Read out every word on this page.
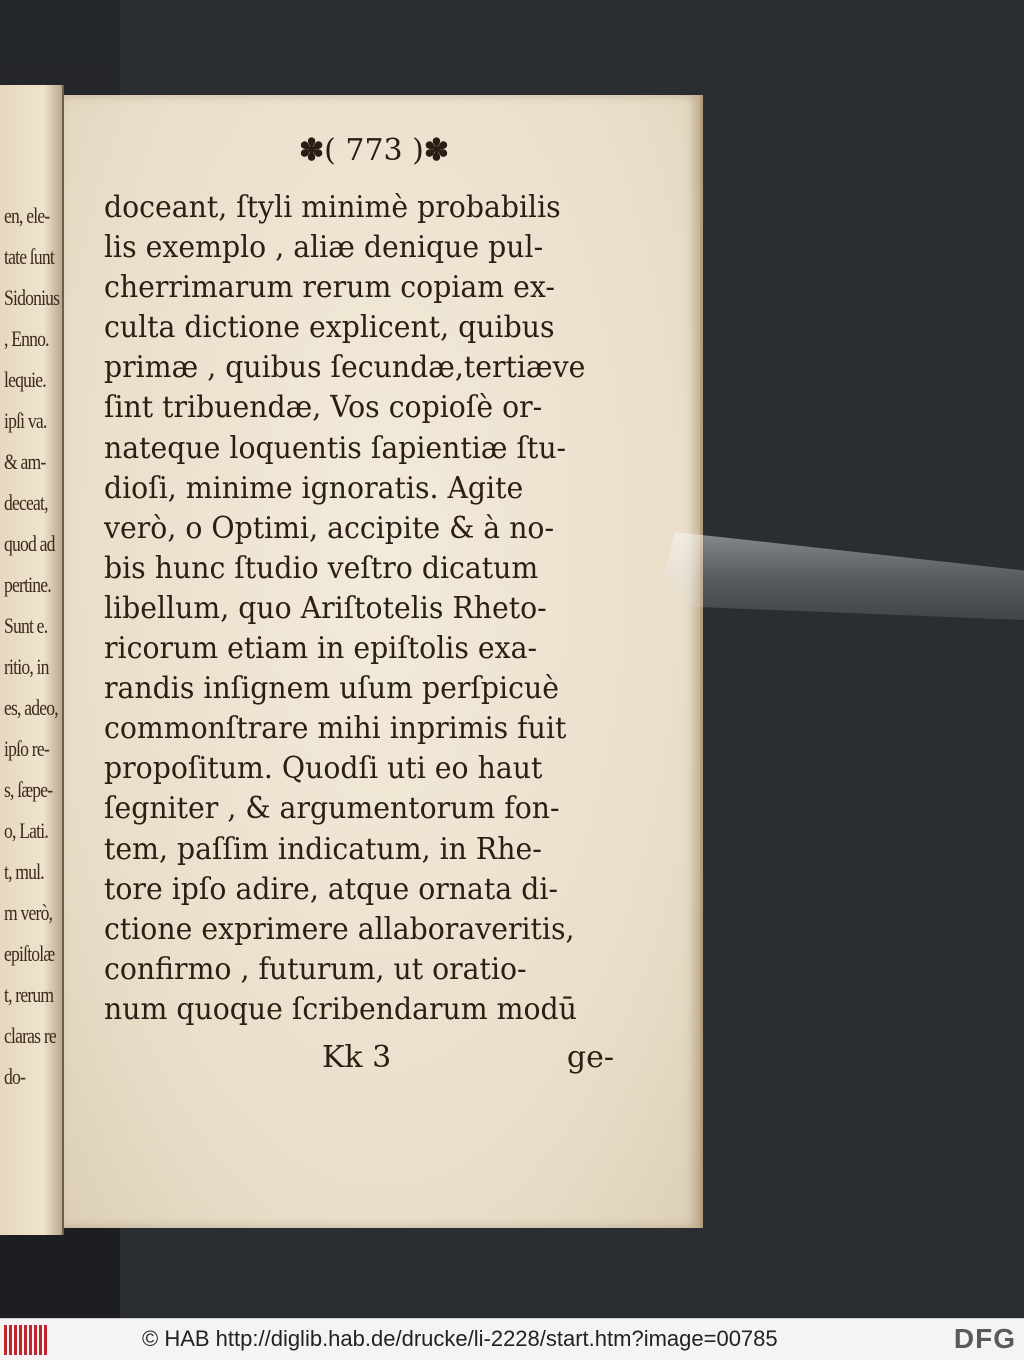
en, ele-
tate ſunt
Sidonius
, Enno.
lequie.
ipſi va.
& am-
deceat,
quod ad
pertine.
Sunt e.
ritio, in
es, adeo,
ipſo re-
s, ſæpe-
o, Lati.
t, mul.
m verò,
epiſtolæ
t, rerum
claras re
do-
✽( 773 )✽
doceant, ſtyli minimè probabilis
lis exemplo , aliæ denique pul-
cherrimarum rerum copiam ex-
culta dictione explicent, quibus
primæ , quibus ſecundæ,tertiæve
ſint tribuendæ, Vos copioſè or-
nateque loquentis ſapientiæ ſtu-
dioſi, minime ignoratis. Agite
verò, o Optimi, accipite & à no-
bis hunc ſtudio veſtro dicatum
libellum, quo Ariſtotelis Rheto-
ricorum etiam in epiſtolis exa-
randis inſignem uſum perſpicuè
commonſtrare mihi inprimis fuit
propoſitum. Quodſi uti eo haut
ſegniter , & argumentorum fon-
tem, paſſim indicatum, in Rhe-
tore ipſo adire, atque ornata di-
ctione exprimere allaboraveritis,
confirmo , futurum, ut oratio-
num quoque ſcribendarum modū
Kk 3	ge-
© HAB http://diglib.hab.de/drucke/li-2228/start.htm?image=00785	DFG
